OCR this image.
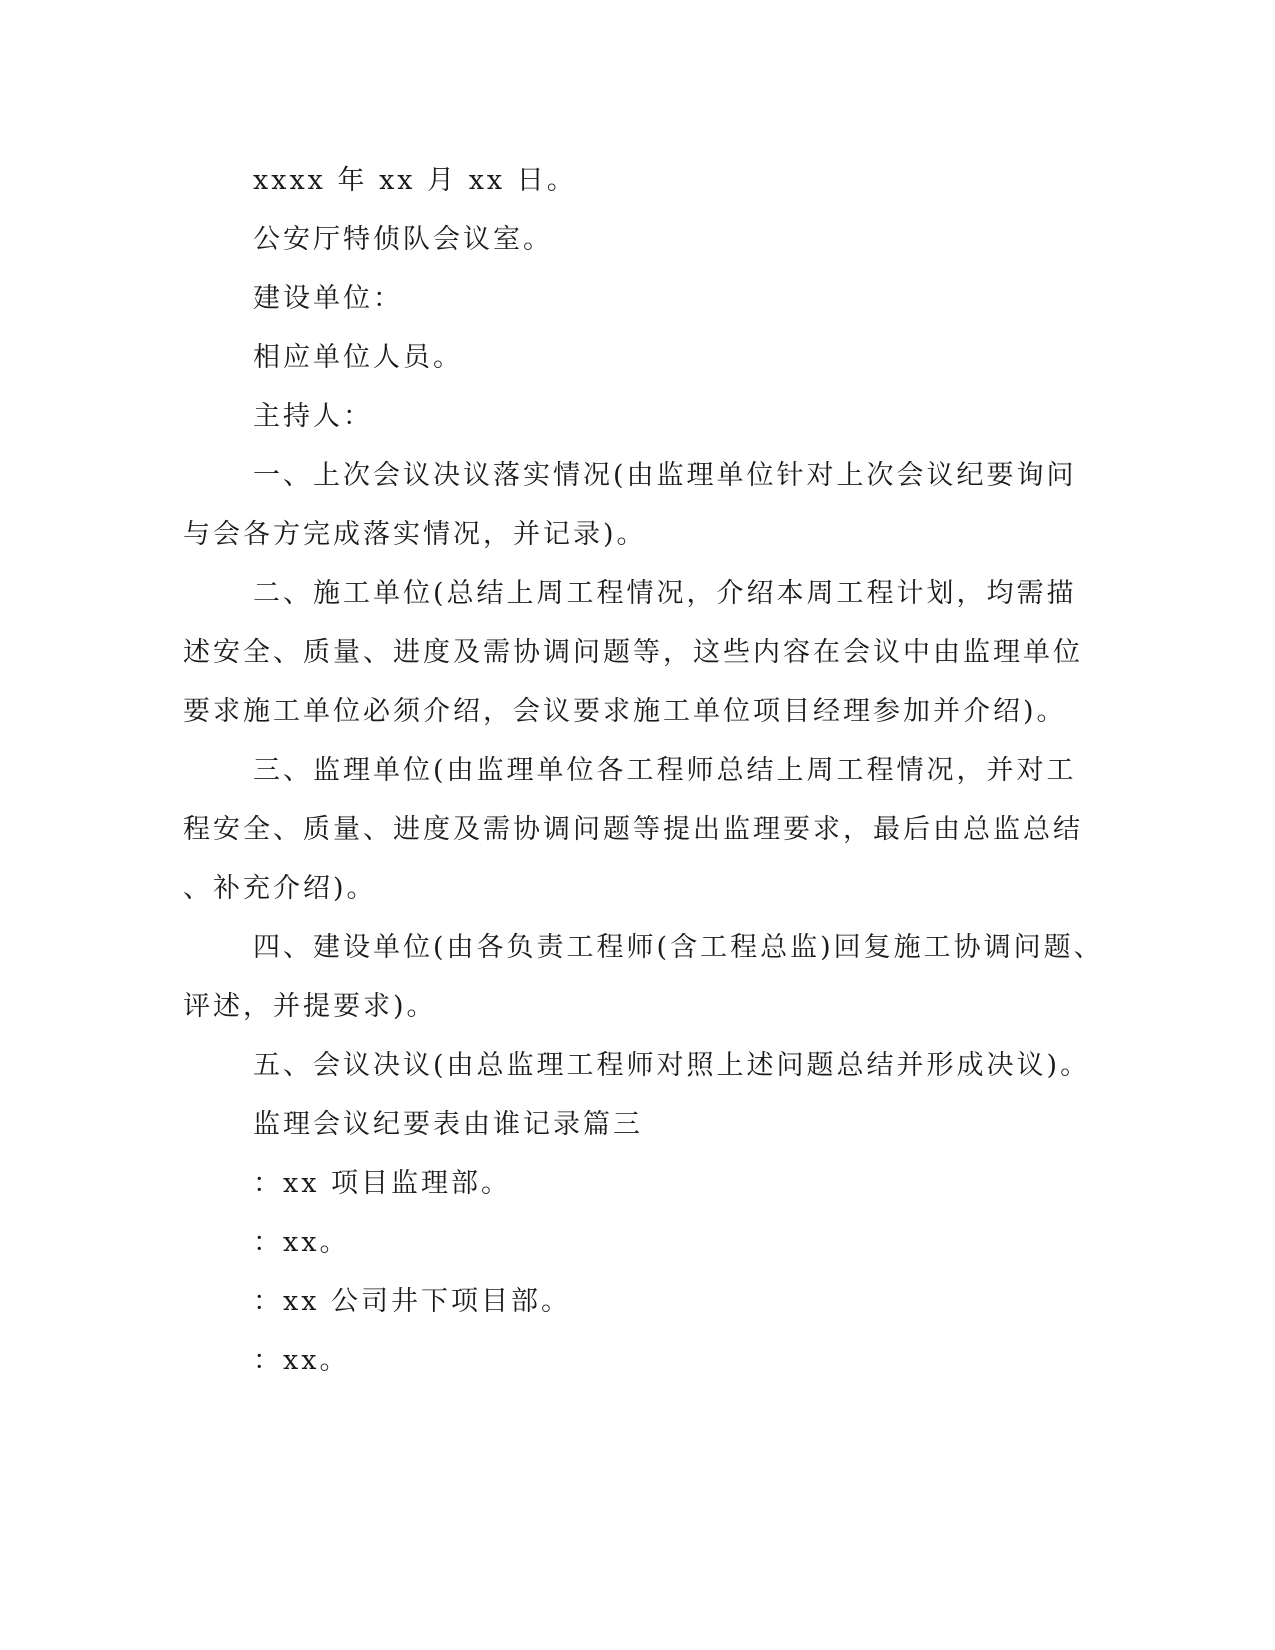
xxxx 年 xx 月 xx 日。

公安厅特侦队会议室。

建设单位：

相应单位人员。

主持人：

一、上次会议决议落实情况(由监理单位针对上次会议纪要询问

与会各方完成落实情况，并记录)。

二、施工单位(总结上周工程情况，介绍本周工程计划，均需描

述安全、质量、进度及需协调问题等，这些内容在会议中由监理单位

要求施工单位必须介绍，会议要求施工单位项目经理参加并介绍)。

三、监理单位(由监理单位各工程师总结上周工程情况，并对工

程安全、质量、进度及需协调问题等提出监理要求，最后由总监总结

、补充介绍)。

四、建设单位(由各负责工程师(含工程总监)回复施工协调问题、

评述，并提要求)。

五、会议决议(由总监理工程师对照上述问题总结并形成决议)。

监理会议纪要表由谁记录篇三

：xx 项目监理部。

：xx。

：xx 公司井下项目部。

：xx。
